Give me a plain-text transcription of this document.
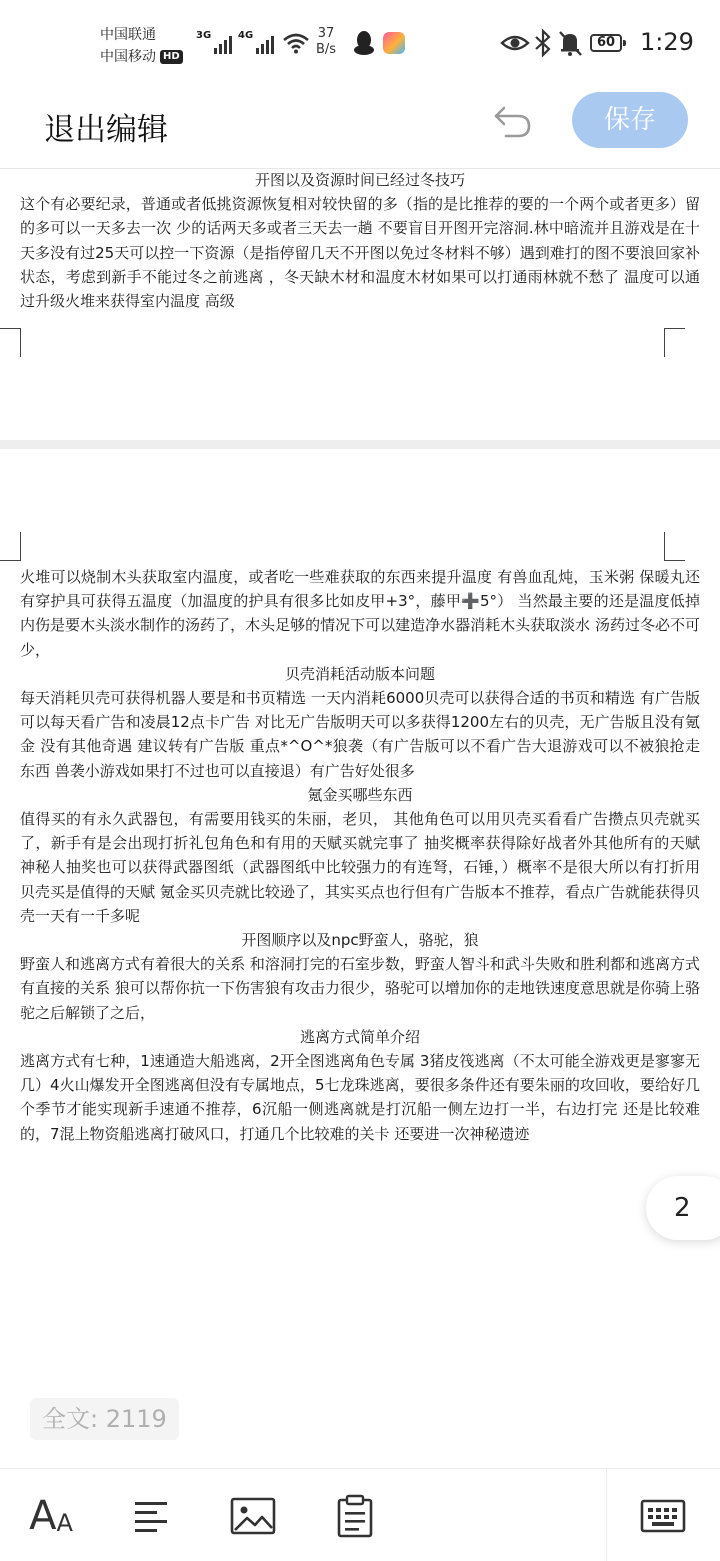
中国联通
中国移动 HD
3G	4G	37
B/s	60 1:29
退出编辑	保存

开图以及资源时间已经过冬技巧

这个有必要纪录，普通或者低挑资源恢复相对较快留的多（指的是比推荐的要的一个两个或者更多）留的多可以一天多去一次 少的话两天多或者三天去一趟 不要盲目开图开完溶洞.林中暗流并且游戏是在十天多没有过25天可以控一下资源（是指停留几天不开图以免过冬材料不够）遇到难打的图不要浪回家补状态，考虑到新手不能过冬之前逃离 ，冬天缺木材和温度木材如果可以打通雨林就不愁了 温度可以通过升级火堆来获得室内温度 高级

火堆可以烧制木头获取室内温度，或者吃一些难获取的东西来提升温度 有兽血乱炖，玉米粥 保暖丸还有穿护具可获得五温度（加温度的护具有很多比如皮甲+3°，藤甲➕5°） 当然最主要的还是温度低掉内伤是要木头淡水制作的汤药了，木头足够的情况下可以建造净水器消耗木头获取淡水 汤药过冬必不可少，

贝壳消耗活动版本问题

每天消耗贝壳可获得机器人要是和书页精选 一天内消耗6000贝壳可以获得合适的书页和精选 有广告版可以每天看广告和凌晨12点卡广告 对比无广告版明天可以多获得1200左右的贝壳，无广告版且没有氪金 没有其他奇遇 建议转有广告版 重点*^O^*狼袭（有广告版可以不看广告大退游戏可以不被狼抢走东西 兽袭小游戏如果打不过也可以直接退）有广告好处很多

氪金买哪些东西

值得买的有永久武器包，有需要用钱买的朱丽，老贝， 其他角色可以用贝壳买看看广告攒点贝壳就买了，新手有是会出现打折礼包角色和有用的天赋买就完事了 抽奖概率获得除好战者外其他所有的天赋 神秘人抽奖也可以获得武器图纸（武器图纸中比较强力的有连弩，石锤，）概率不是很大所以有打折用贝壳买是值得的天赋 氪金买贝壳就比较逊了，其实买点也行但有广告版本不推荐，看点广告就能获得贝壳一天有一千多呢

开图顺序以及npc野蛮人，骆驼，狼

野蛮人和逃离方式有着很大的关系 和溶洞打完的石室步数，野蛮人智斗和武斗失败和胜利都和逃离方式有直接的关系 狼可以帮你抗一下伤害狼有攻击力很少，骆驼可以增加你的走地铁速度意思就是你骑上骆驼之后解锁了之后，

逃离方式简单介绍

逃离方式有七种，1速通造大船逃离，2开全图逃离角色专属 3猪皮筏逃离（不太可能全游戏更是寥寥无几）4火山爆发开全图逃离但没有专属地点，5七龙珠逃离，要很多条件还有要朱丽的攻回收，要给好几个季节才能实现新手速通不推荐，6沉船一侧逃离就是打沉船一侧左边打一半，右边打完 还是比较难的，7混上物资船逃离打破风口，打通几个比较难的关卡 还要进一次神秘遗迹

2
全文: 2119
A A
